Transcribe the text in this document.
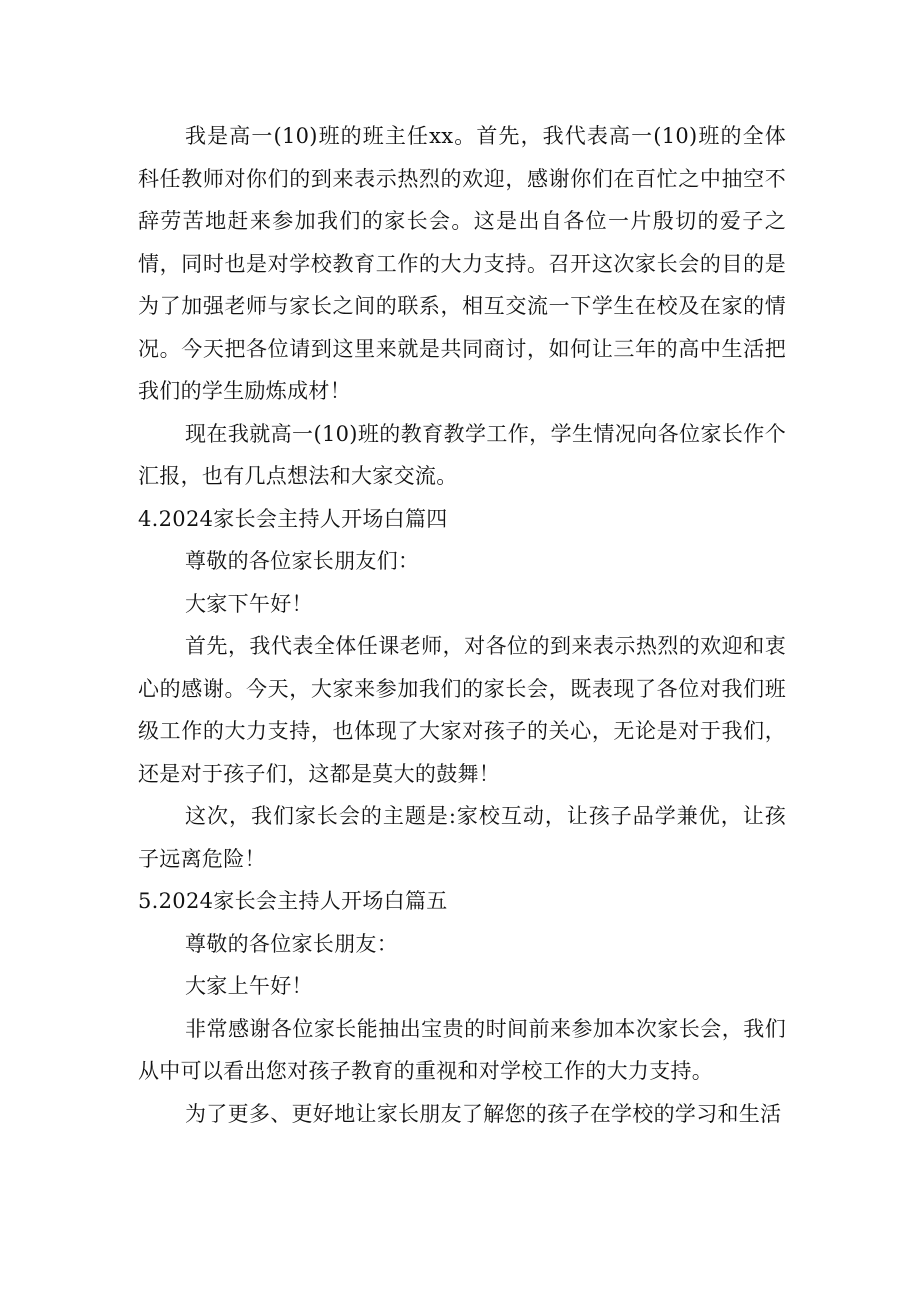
我是高一(10)班的班主任xx。首先，我代表高一(10)班的全体科任教师对你们的到来表示热烈的欢迎，感谢你们在百忙之中抽空不辞劳苦地赶来参加我们的家长会。这是出自各位一片殷切的爱子之情，同时也是对学校教育工作的大力支持。召开这次家长会的目的是为了加强老师与家长之间的联系，相互交流一下学生在校及在家的情况。今天把各位请到这里来就是共同商讨，如何让三年的高中生活把我们的学生励炼成材！

现在我就高一(10)班的教育教学工作，学生情况向各位家长作个汇报，也有几点想法和大家交流。

4.2024家长会主持人开场白篇四

尊敬的各位家长朋友们：

大家下午好！

首先，我代表全体任课老师，对各位的到来表示热烈的欢迎和衷心的感谢。今天，大家来参加我们的家长会，既表现了各位对我们班级工作的大力支持，也体现了大家对孩子的关心，无论是对于我们，还是对于孩子们，这都是莫大的鼓舞！

这次，我们家长会的主题是:家校互动，让孩子品学兼优，让孩子远离危险！

5.2024家长会主持人开场白篇五

尊敬的各位家长朋友：

大家上午好！

非常感谢各位家长能抽出宝贵的时间前来参加本次家长会，我们从中可以看出您对孩子教育的重视和对学校工作的大力支持。

为了更多、更好地让家长朋友了解您的孩子在学校的学习和生活
